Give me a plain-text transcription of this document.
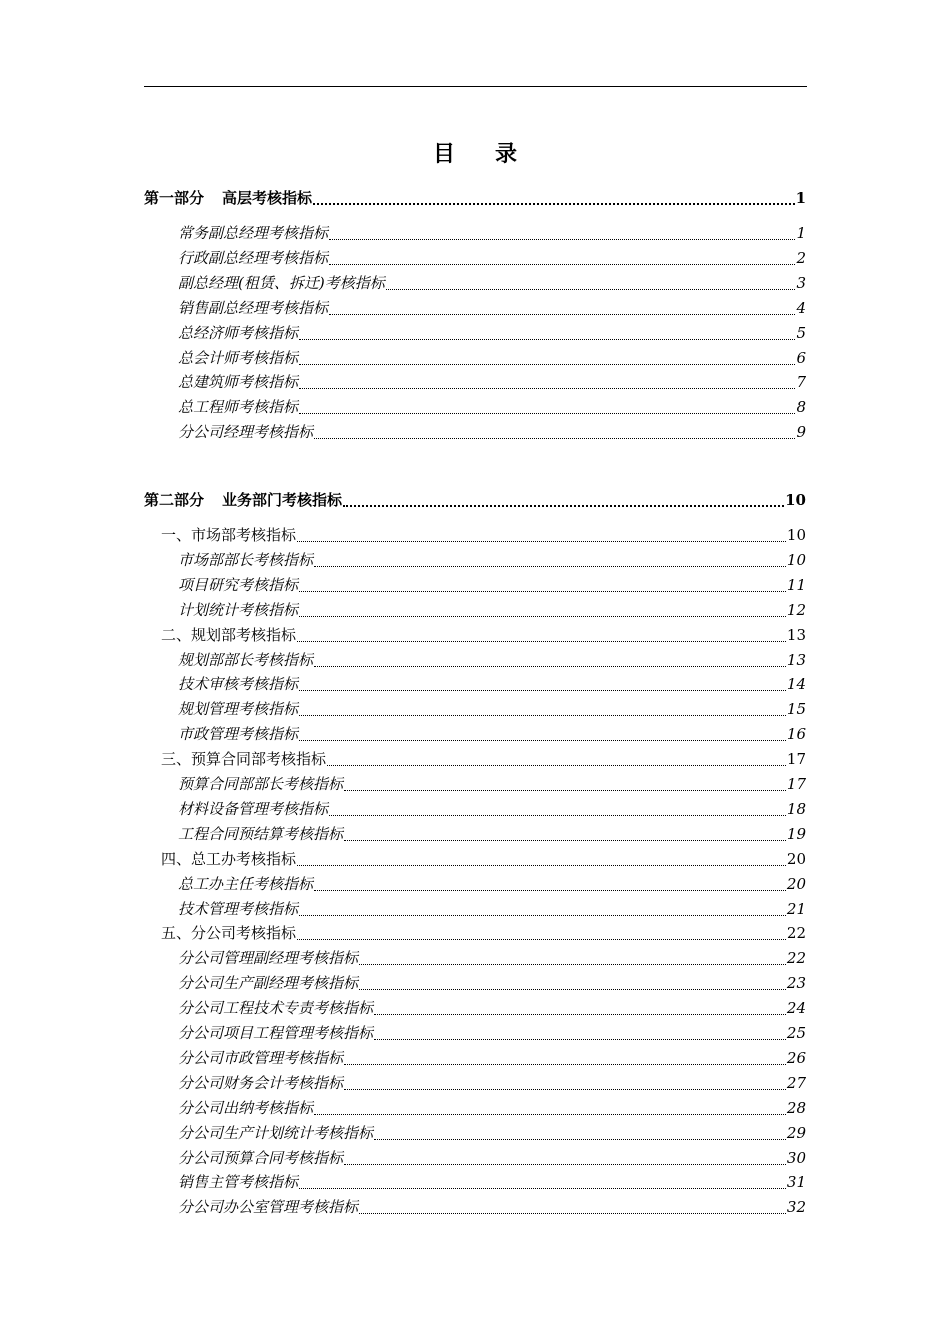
目 录
第一部分 高层考核指标	1
常务副总经理考核指标	1
行政副总经理考核指标	2
副总经理(租赁、拆迁)考核指标	3
销售副总经理考核指标	4
总经济师考核指标	5
总会计师考核指标	6
总建筑师考核指标	7
总工程师考核指标	8
分公司经理考核指标	9
第二部分 业务部门考核指标	10
一、市场部考核指标	10
市场部部长考核指标	10
项目研究考核指标	11
计划统计考核指标	12
二、规划部考核指标	13
规划部部长考核指标	13
技术审核考核指标	14
规划管理考核指标	15
市政管理考核指标	16
三、预算合同部考核指标	17
预算合同部部长考核指标	17
材料设备管理考核指标	18
工程合同预结算考核指标	19
四、总工办考核指标	20
总工办主任考核指标	20
技术管理考核指标	21
五、分公司考核指标	22
分公司管理副经理考核指标	22
分公司生产副经理考核指标	23
分公司工程技术专责考核指标	24
分公司项目工程管理考核指标	25
分公司市政管理考核指标	26
分公司财务会计考核指标	27
分公司出纳考核指标	28
分公司生产计划统计考核指标	29
分公司预算合同考核指标	30
销售主管考核指标	31
分公司办公室管理考核指标	32
